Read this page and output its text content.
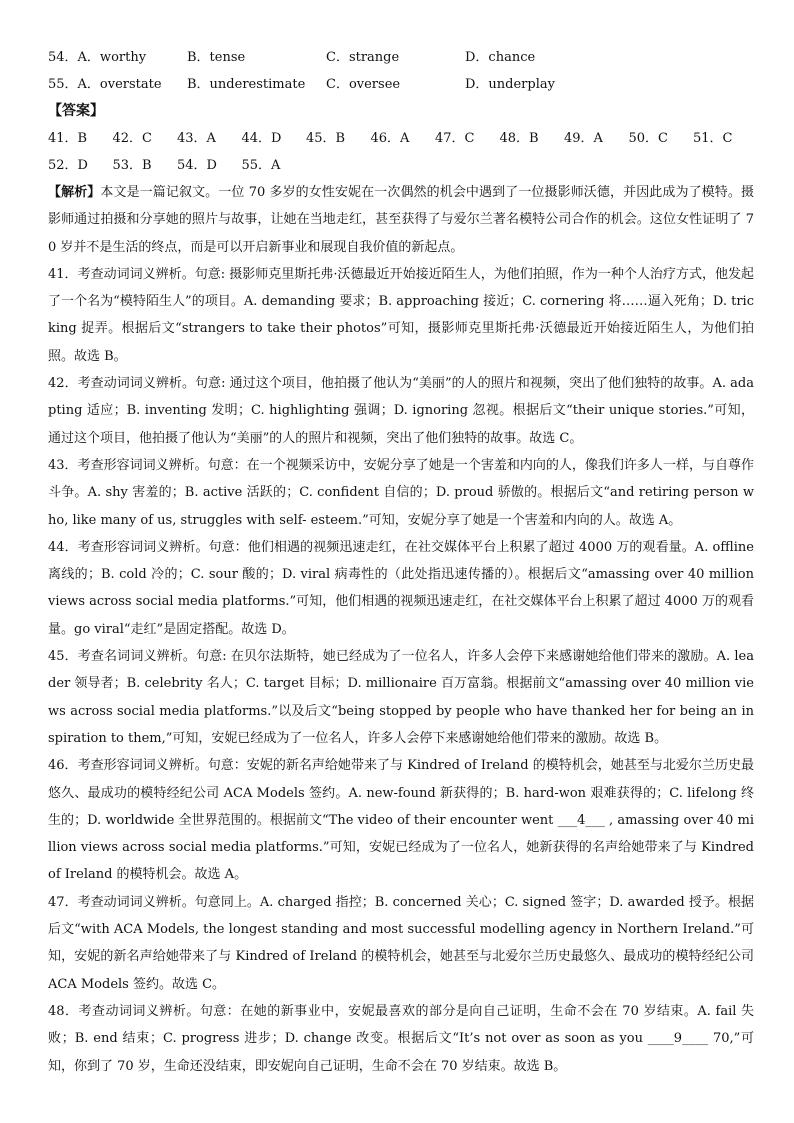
54．A．worthy	B．tense	C．strange	D．chance
55．A．overstate B．underestimate C．oversee	D．underplay
【答案】
41．B 42．C 43．A 44．D 45．B 46．A 47．C 48．B 49．A 50．C 51．C
52．D 53．B 54．D 55．A

【解析】本文是一篇记叙文。一位 70 多岁的女性安妮在一次偶然的机会中遇到了一位摄影师沃德，并因此成为了模特。摄影师通过拍摄和分享她的照片与故事，让她在当地走红，甚至获得了与爱尔兰著名模特公司合作的机会。这位女性证明了 70 岁并不是生活的终点，而是可以开启新事业和展现自我价值的新起点。

41．考查动词词义辨析。句意: 摄影师克里斯托弗·沃德最近开始接近陌生人，为他们拍照，作为一种个人治疗方式，他发起了一个名为“模特陌生人”的项目。A. demanding 要求；B. approaching 接近；C. cornering 将……逼入死角；D. tricking 捉弄。根据后文“strangers to take their photos”可知，摄影师克里斯托弗·沃德最近开始接近陌生人，为他们拍照。故选 B。

42．考查动词词义辨析。句意: 通过这个项目，他拍摄了他认为“美丽”的人的照片和视频，突出了他们独特的故事。A. adapting 适应；B. inventing 发明；C. highlighting 强调；D. ignoring 忽视。根据后文“their unique stories.”可知，通过这个项目，他拍摄了他认为“美丽”的人的照片和视频，突出了他们独特的故事。故选 C。

43．考查形容词词义辨析。句意：在一个视频采访中，安妮分享了她是一个害羞和内向的人，像我们许多人一样，与自尊作斗争。A. shy 害羞的；B. active 活跃的；C. confident 自信的；D. proud 骄傲的。根据后文“and retiring person who, like many of us, struggles with self- esteem.”可知，安妮分享了她是一个害羞和内向的人。故选 A。

44．考查形容词词义辨析。句意：他们相遇的视频迅速走红，在社交媒体平台上积累了超过 4000 万的观看量。A. offline 离线的；B. cold 冷的；C. sour 酸的；D. viral 病毒性的（此处指迅速传播的）。根据后文“amassing over 40 million views across social media platforms.”可知，他们相遇的视频迅速走红，在社交媒体平台上积累了超过 4000 万的观看量。go viral“走红”是固定搭配。故选 D。

45．考查名词词义辨析。句意: 在贝尔法斯特，她已经成为了一位名人，许多人会停下来感谢她给他们带来的激励。A. leader 领导者；B. celebrity 名人；C. target 目标；D. millionaire 百万富翁。根据前文“amassing over 40 million views across social media platforms.”以及后文“being stopped by people who have thanked her for being an inspiration to them,”可知，安妮已经成为了一位名人，许多人会停下来感谢她给他们带来的激励。故选 B。

46．考查形容词词义辨析。句意：安妮的新名声给她带来了与 Kindred of Ireland 的模特机会，她甚至与北爱尔兰历史最悠久、最成功的模特经纪公司 ACA Models 签约。A. new-found 新获得的；B. hard-won 艰难获得的；C. lifelong 终生的；D. worldwide 全世界范围的。根据前文“The video of their encounter went ___4___ , amassing over 40 million views across social media platforms.”可知，安妮已经成为了一位名人，她新获得的名声给她带来了与 Kindred of Ireland 的模特机会。故选 A。

47．考查动词词义辨析。句意同上。A. charged 指控；B. concerned 关心；C. signed 签字；D. awarded 授予。根据后文“with ACA Models, the longest standing and most successful modelling agency in Northern Ireland.”可知，安妮的新名声给她带来了与 Kindred of Ireland 的模特机会，她甚至与北爱尔兰历史最悠久、最成功的模特经纪公司 ACA Models 签约。故选 C。

48．考查动词词义辨析。句意：在她的新事业中，安妮最喜欢的部分是向自己证明，生命不会在 70 岁结束。A. fail 失败；B. end 结束；C. progress 进步；D. change 改变。根据后文“It’s not over as soon as you ____9____ 70,”可知，你到了 70 岁，生命还没结束，即安妮向自己证明，生命不会在 70 岁结束。故选 B。
